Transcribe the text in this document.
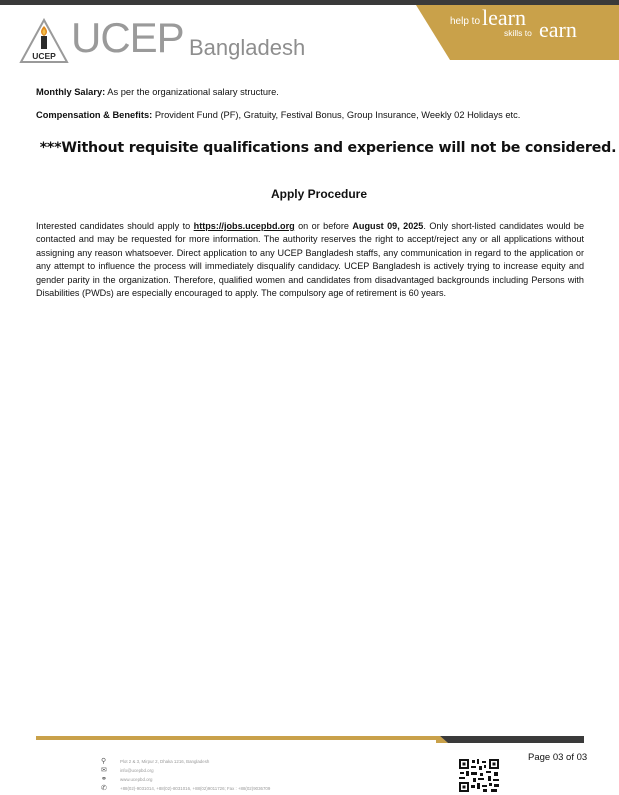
UCEP UCEP Bangladesh
help to learn
skills to earn
Monthly Salary: As per the organizational salary structure.
Compensation & Benefits: Provident Fund (PF), Gratuity, Festival Bonus, Group Insurance, Weekly 02 Holidays etc.
***Without requisite qualifications and experience will not be considered.
Apply Procedure
Interested candidates should apply to https://jobs.ucepbd.org on or before August 09, 2025. Only short-listed candidates would be contacted and may be requested for more information. The authority reserves the right to accept/reject any or all applications without assigning any reason whatsoever. Direct application to any UCEP Bangladesh staffs, any communication in regard to the application or any attempt to influence the process will immediately disqualify candidacy. UCEP Bangladesh is actively trying to increase equity and gender parity in the organization. Therefore, qualified women and candidates from disadvantaged backgrounds including Persons with Disabilities (PWDs) are especially encouraged to apply. The compulsory age of retirement is 60 years.
⚲	Plot 2 & 3, Mirpur 2, Dhaka 1216, Bangladesh
✉	info@ucepbd.org
⚭	www.ucepbd.org
✆	+88(02)-9031014, +88(02)-8031016, +88(02)9011726; Fax : +88(02)9036709
Page 03 of 03
